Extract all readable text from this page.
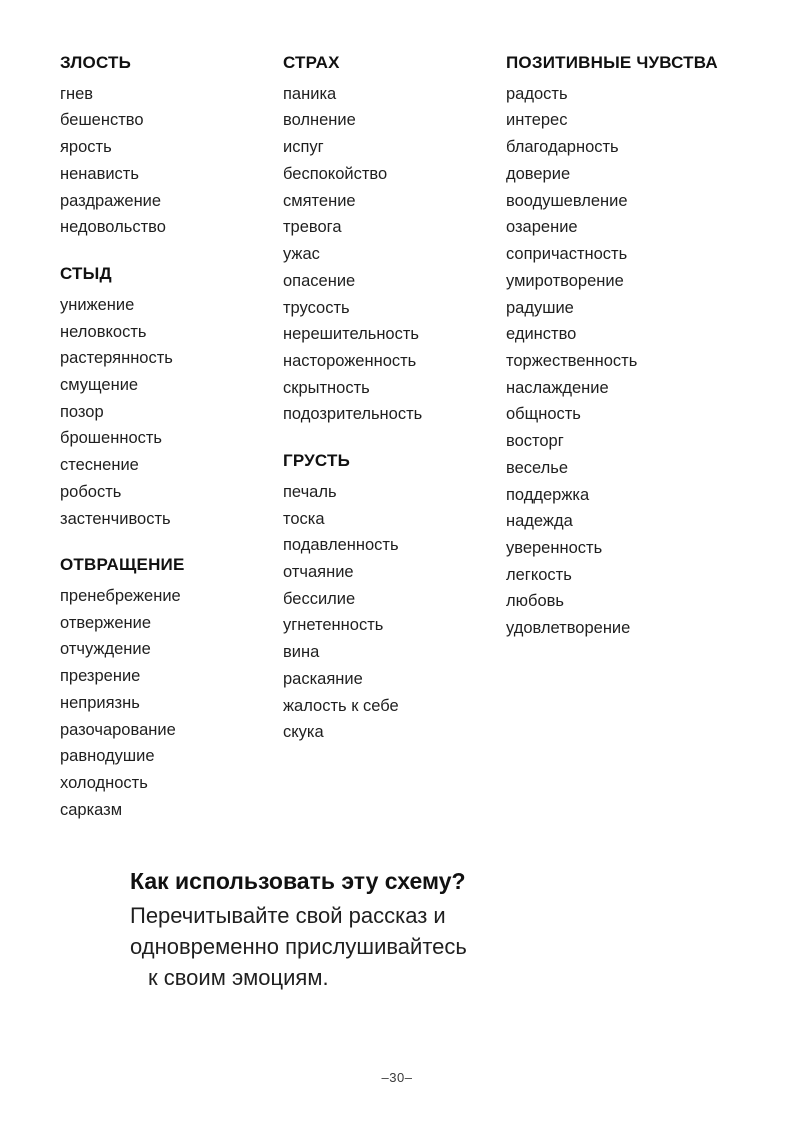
ЗЛОСТЬ
гнев
бешенство
ярость
ненависть
раздражение
недовольство
СТЫД
унижение
неловкость
растерянность
смущение
позор
брошенность
стеснение
робость
застенчивость
ОТВРАЩЕНИЕ
пренебрежение
отвержение
отчуждение
презрение
неприязнь
разочарование
равнодушие
холодность
сарказм
СТРАХ
паника
волнение
испуг
беспокойство
смятение
тревога
ужас
опасение
трусость
нерешительность
настороженность
скрытность
подозрительность
ГРУСТЬ
печаль
тоска
подавленность
отчаяние
бессилие
угнетенность
вина
раскаяние
жалость к себе
скука
ПОЗИТИВНЫЕ ЧУВСТВА
радость
интерес
благодарность
доверие
воодушевление
озарение
сопричастность
умиротворение
радушие
единство
торжественность
наслаждение
общность
восторг
веселье
поддержка
надежда
уверенность
легкость
любовь
удовлетворение
Как использовать эту схему?

Перечитывайте свой рассказ и
одновременно прислушивайтесь

к своим эмоциям.

–30–
